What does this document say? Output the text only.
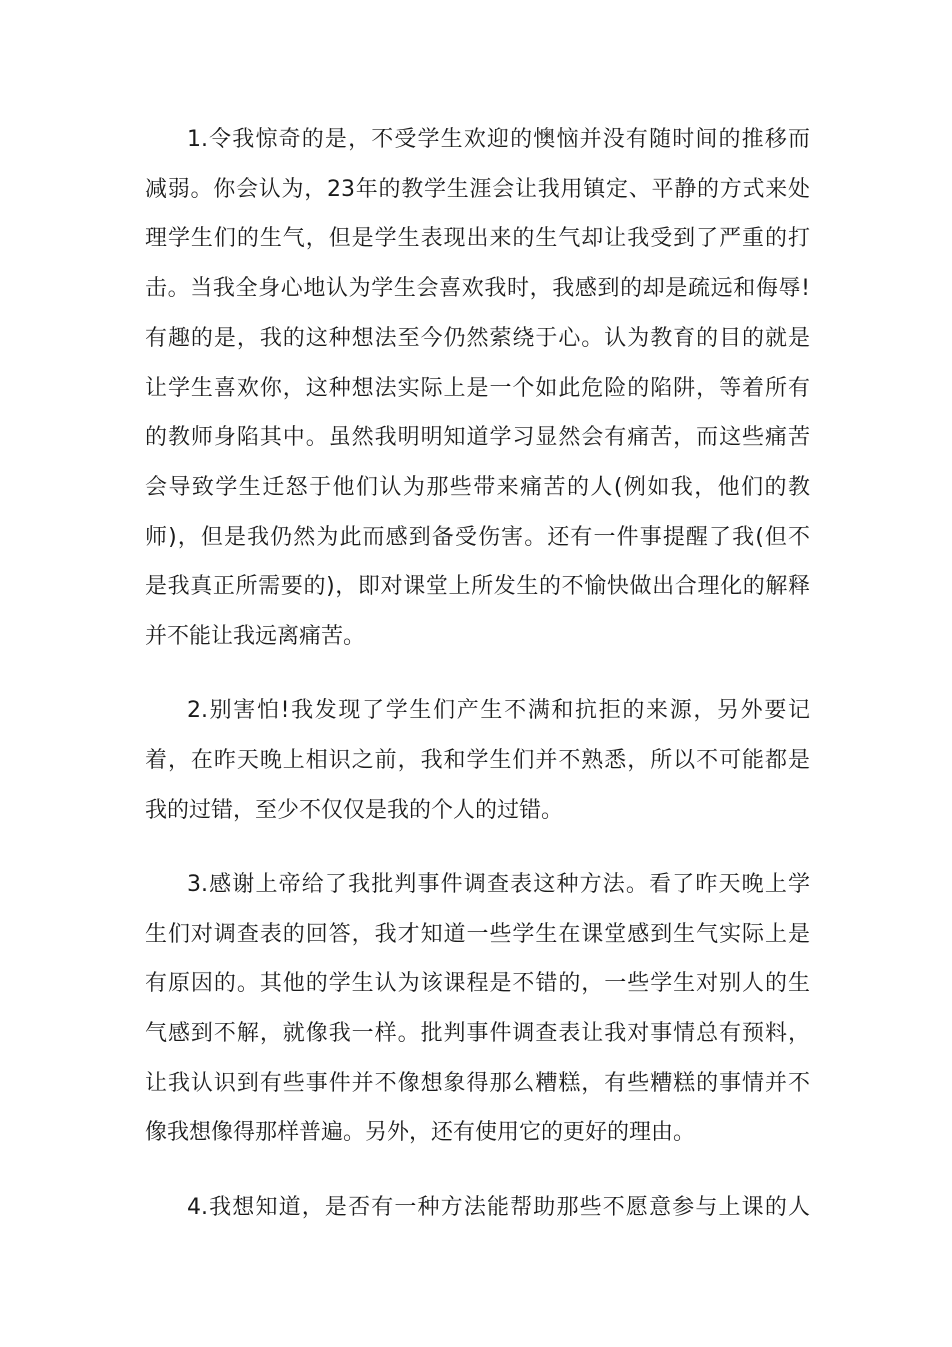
1.令我惊奇的是，不受学生欢迎的懊恼并没有随时间的推移而
减弱。你会认为，23年的教学生涯会让我用镇定、平静的方式来处
理学生们的生气，但是学生表现出来的生气却让我受到了严重的打
击。当我全身心地认为学生会喜欢我时，我感到的却是疏远和侮辱!
有趣的是，我的这种想法至今仍然萦绕于心。认为教育的目的就是
让学生喜欢你，这种想法实际上是一个如此危险的陷阱，等着所有
的教师身陷其中。虽然我明明知道学习显然会有痛苦，而这些痛苦
会导致学生迁怒于他们认为那些带来痛苦的人(例如我，他们的教
师)，但是我仍然为此而感到备受伤害。还有一件事提醒了我(但不
是我真正所需要的)，即对课堂上所发生的不愉快做出合理化的解释
并不能让我远离痛苦。
2.别害怕!我发现了学生们产生不满和抗拒的来源，另外要记
着，在昨天晚上相识之前，我和学生们并不熟悉，所以不可能都是
我的过错，至少不仅仅是我的个人的过错。
3.感谢上帝给了我批判事件调查表这种方法。看了昨天晚上学
生们对调查表的回答，我才知道一些学生在课堂感到生气实际上是
有原因的。其他的学生认为该课程是不错的，一些学生对别人的生
气感到不解，就像我一样。批判事件调查表让我对事情总有预料，
让我认识到有些事件并不像想象得那么糟糕，有些糟糕的事情并不
像我想像得那样普遍。另外，还有使用它的更好的理由。
4.我想知道，是否有一种方法能帮助那些不愿意参与上课的人
